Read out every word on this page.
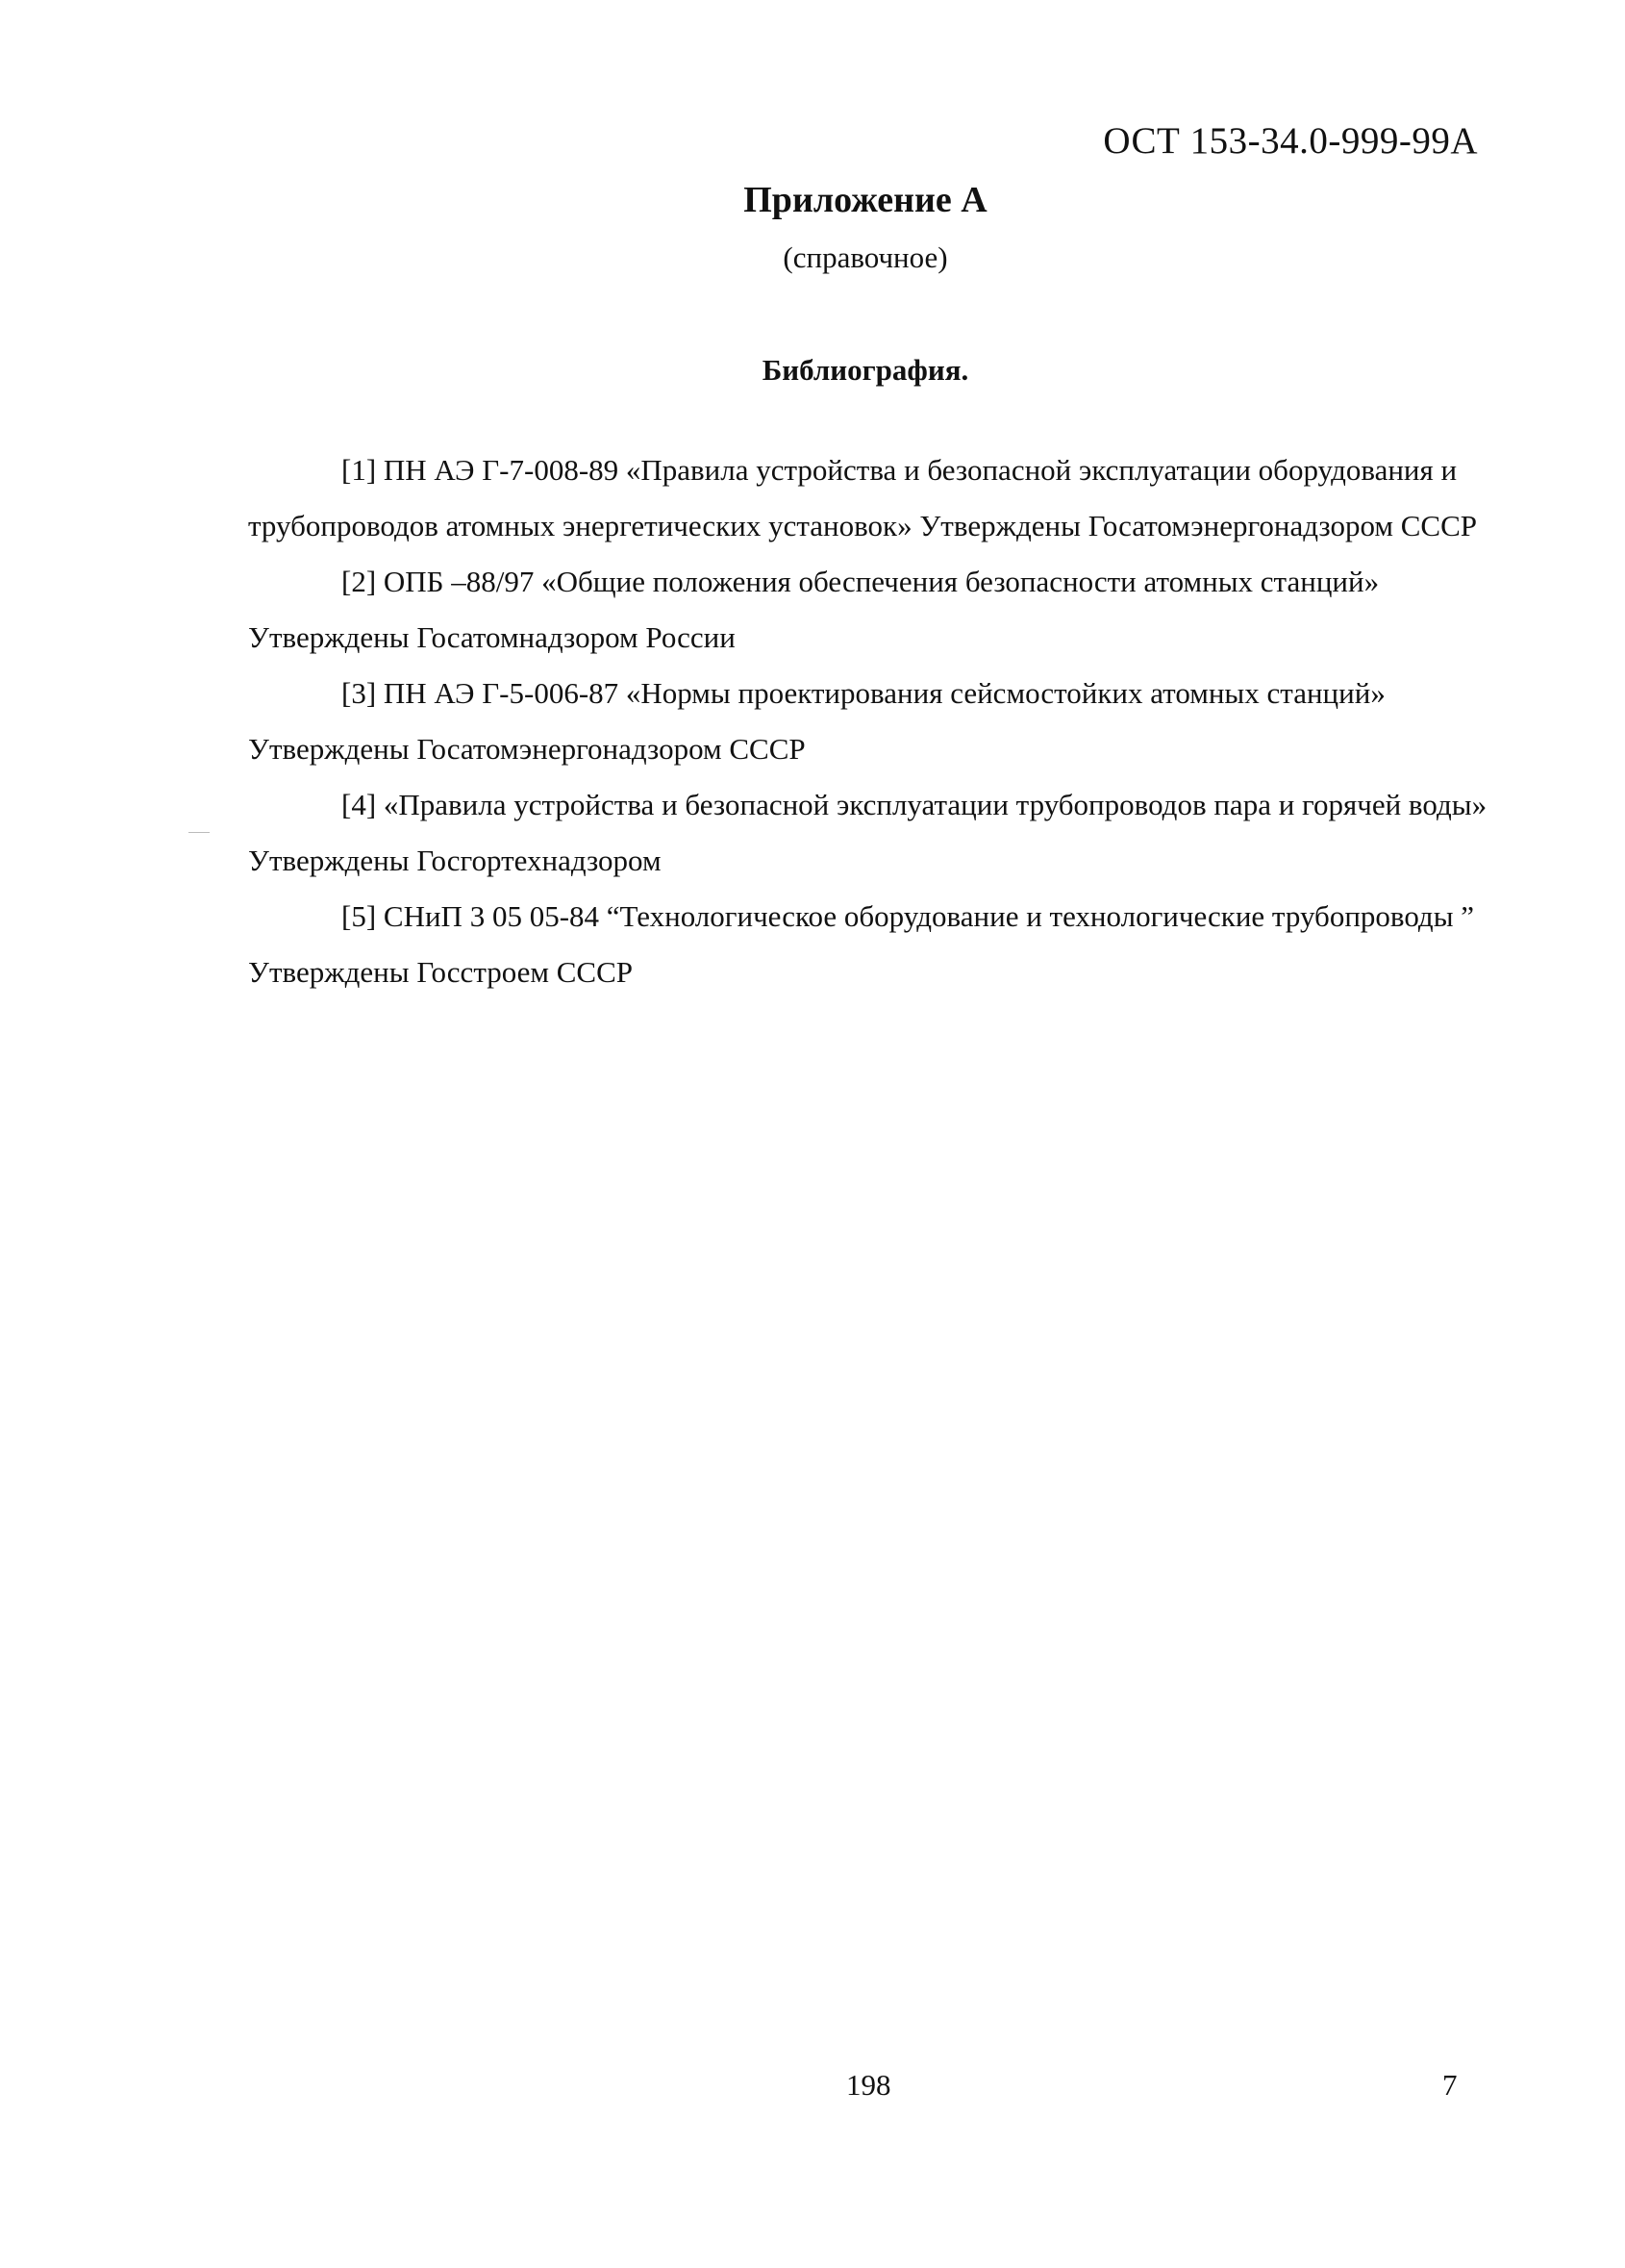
ОСТ 153-34.0-999-99А
Приложение А
(справочное)
Библиография.

[1] ПН АЭ Г-7-008-89 «Правила устройства и безопасной эксплуатации оборудования и трубопроводов атомных энергетических установок» Утверждены Госатомэнергонадзором СССР

[2] ОПБ –88/97 «Общие положения обеспечения безопасности атомных станций» Утверждены Госатомнадзором России

[3] ПН АЭ Г-5-006-87 «Нормы проектирования сейсмостойких атомных станций» Утверждены Госатомэнергонадзором СССР

[4] «Правила устройства и безопасной эксплуатации трубопроводов пара и горячей воды» Утверждены Госгортехнадзором

[5] СНиП 3 05 05-84 “Технологическое оборудование и технологические трубопроводы ” Утверждены Госстроем СССР

198	7
